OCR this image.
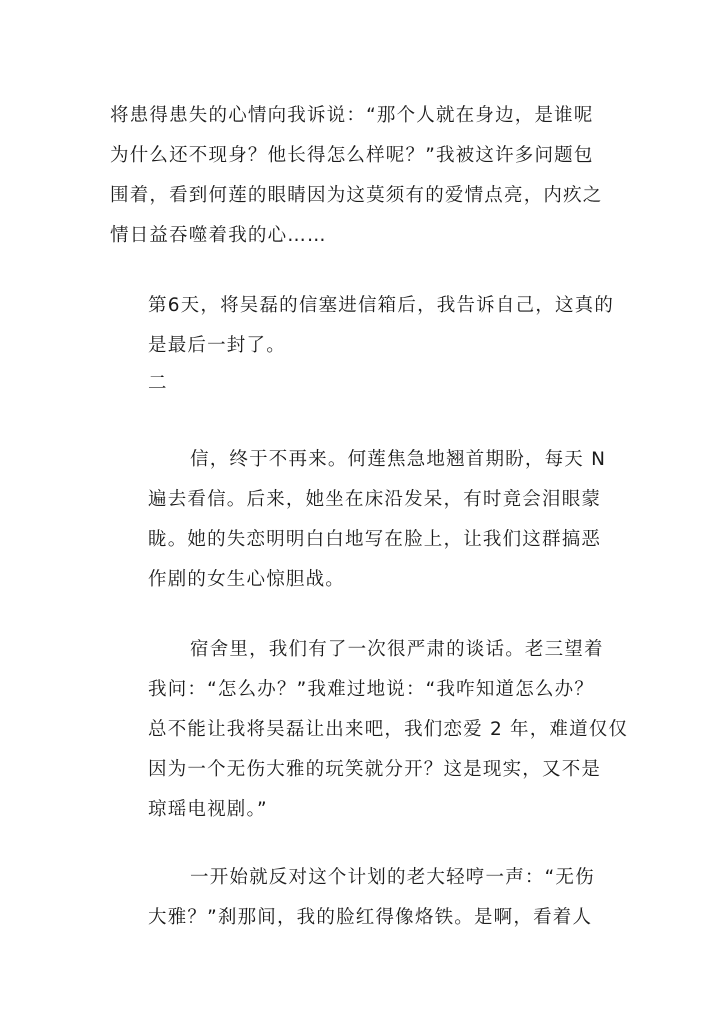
将患得患失的心情向我诉说：“那个人就在身边，是谁呢
为什么还不现身？他长得怎么样呢？”我被这许多问题包
围着，看到何莲的眼睛因为这莫须有的爱情点亮，内疚之
情日益吞噬着我的心……
第6天，将吴磊的信塞进信箱后，我告诉自己，这真的
是最后一封了。
二
信，终于不再来。何莲焦急地翘首期盼，每天 N
遍去看信。后来，她坐在床沿发呆，有时竟会泪眼蒙
眬。她的失恋明明白白地写在脸上，让我们这群搞恶
作剧的女生心惊胆战。
宿舍里，我们有了一次很严肃的谈话。老三望着
我问：“怎么办？”我难过地说：“我咋知道怎么办？
总不能让我将吴磊让出来吧，我们恋爱 2 年，难道仅仅
因为一个无伤大雅的玩笑就分开？这是现实，又不是
琼瑶电视剧。”
一开始就反对这个计划的老大轻哼一声：“无伤
大雅？”刹那间，我的脸红得像烙铁。是啊，看着人
